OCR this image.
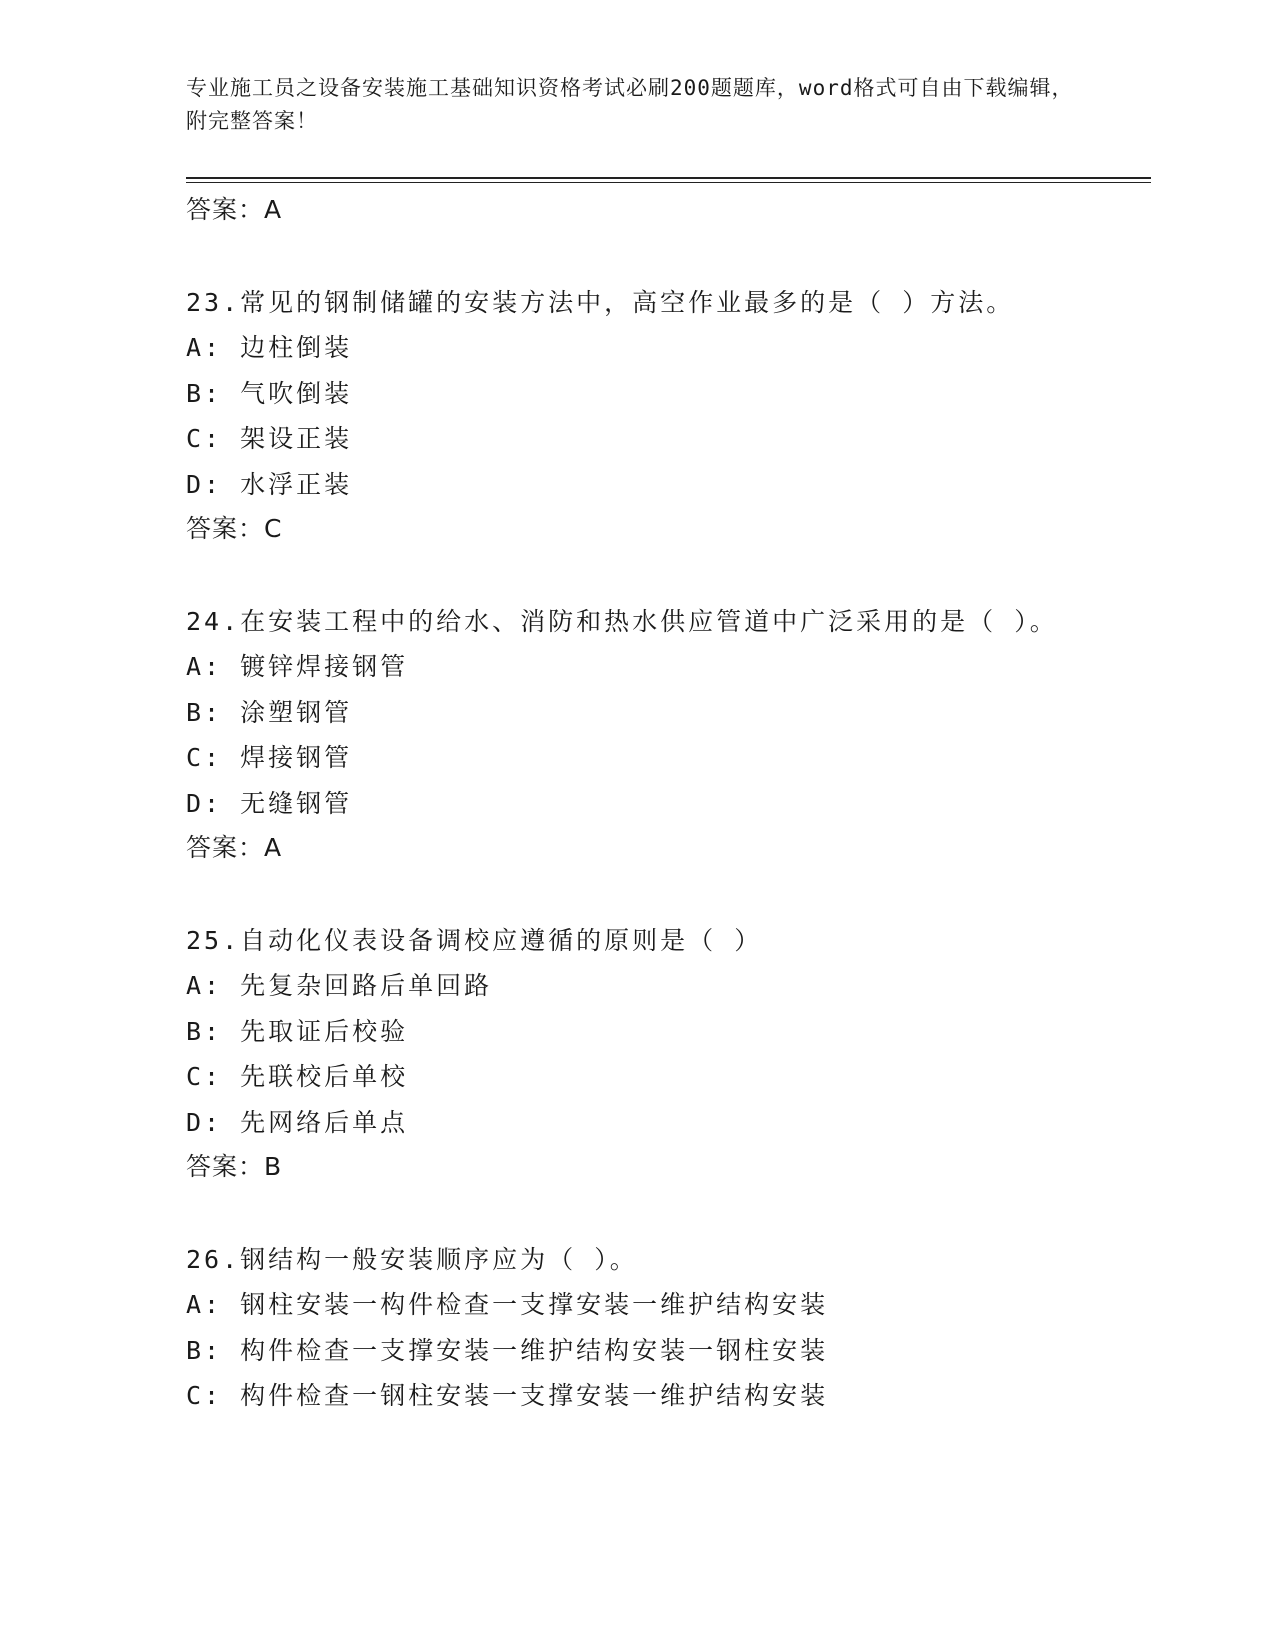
专业施工员之设备安装施工基础知识资格考试必刷200题题库，word格式可自由下载编辑，附完整答案！
答案：A
23.常见的钢制储罐的安装方法中，高空作业最多的是（ ）方法。
A: 边柱倒装
B: 气吹倒装
C: 架设正装
D: 水浮正装
答案：C
24.在安装工程中的给水、消防和热水供应管道中广泛采用的是（ ）。
A: 镀锌焊接钢管
B: 涂塑钢管
C: 焊接钢管
D: 无缝钢管
答案：A
25.自动化仪表设备调校应遵循的原则是（ ）
A: 先复杂回路后单回路
B: 先取证后校验
C: 先联校后单校
D: 先网络后单点
答案：B
26.钢结构一般安装顺序应为（ ）。
A: 钢柱安装一构件检查一支撑安装一维护结构安装
B: 构件检查一支撑安装一维护结构安装一钢柱安装
C: 构件检查一钢柱安装一支撑安装一维护结构安装
